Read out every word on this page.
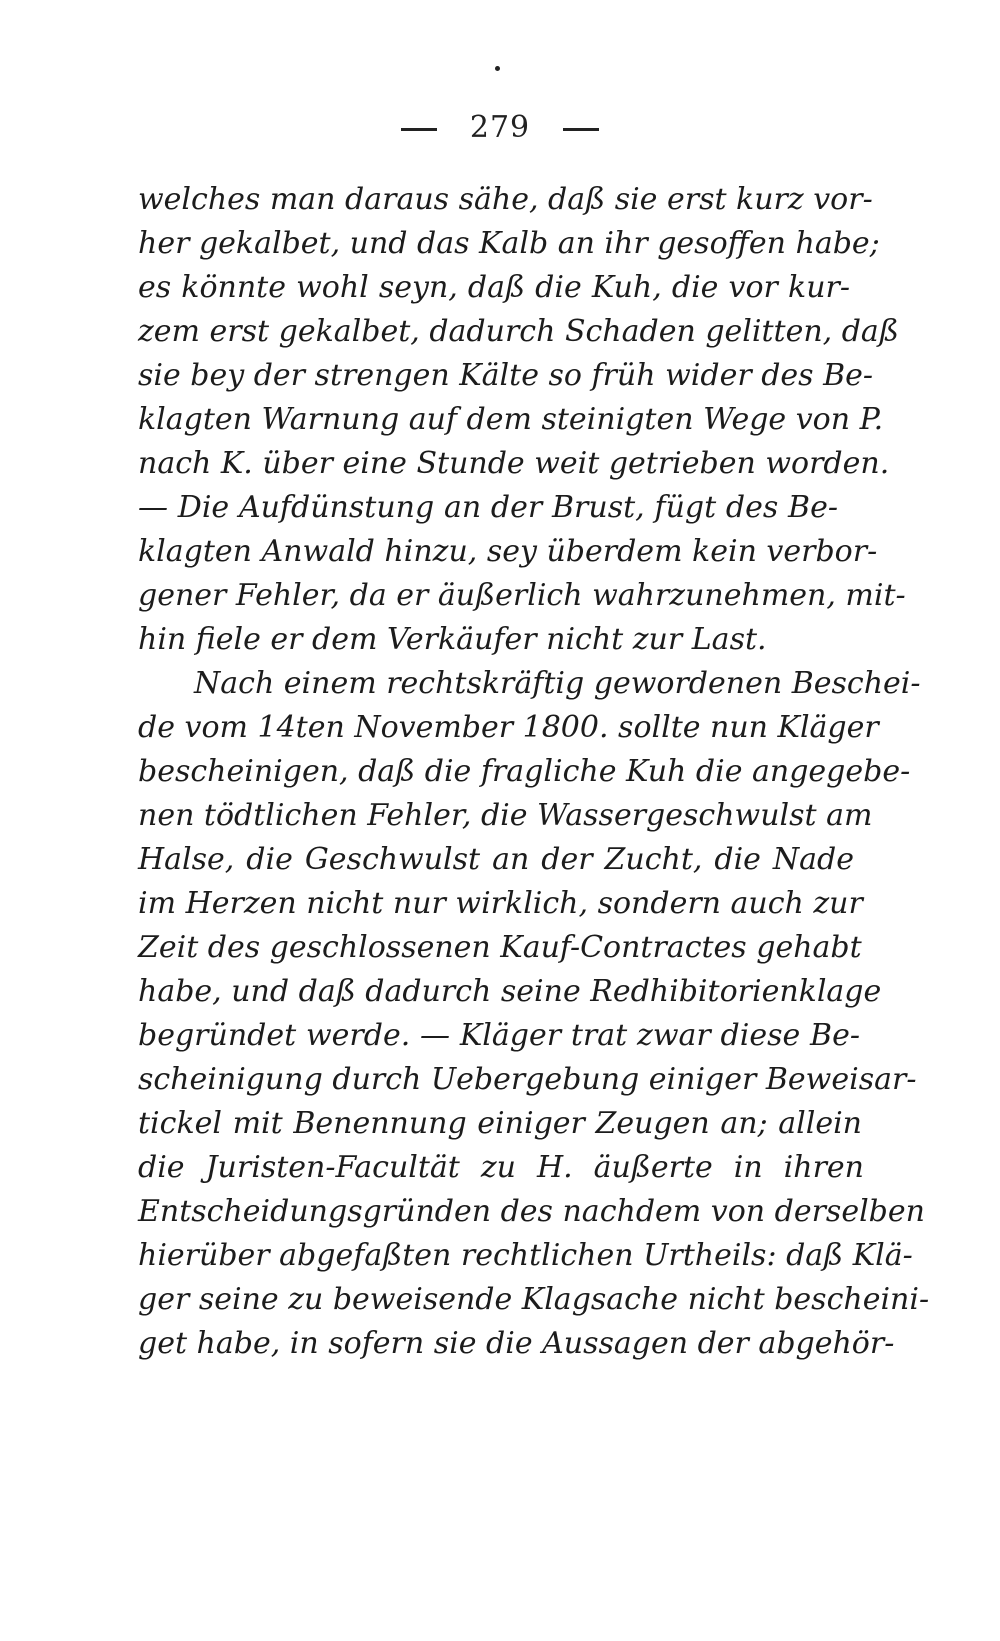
279
welches man daraus sähe, daß sie erst kurz vor-
her gekalbet, und das Kalb an ihr gesoffen habe;
es könnte wohl seyn, daß die Kuh, die vor kur-
zem erst gekalbet, dadurch Schaden gelitten, daß
sie bey der strengen Kälte so früh wider des Be-
klagten Warnung auf dem steinigten Wege von P.
nach K. über eine Stunde weit getrieben worden.
— Die Aufdünstung an der Brust, fügt des Be-
klagten Anwald hinzu, sey überdem kein verbor-
gener Fehler, da er äußerlich wahrzunehmen, mit-
hin fiele er dem Verkäufer nicht zur Last.
Nach einem rechtskräftig gewordenen Beschei-
de vom 14ten November 1800. sollte nun Kläger
bescheinigen, daß die fragliche Kuh die angegebe-
nen tödtlichen Fehler, die Wassergeschwulst am
Halse, die Geschwulst an der Zucht, die Nade
im Herzen nicht nur wirklich, sondern auch zur
Zeit des geschlossenen Kauf-Contractes gehabt
habe, und daß dadurch seine Redhibitorienklage
begründet werde. — Kläger trat zwar diese Be-
scheinigung durch Uebergebung einiger Beweisar-
tickel mit Benennung einiger Zeugen an; allein
die Juristen-Facultät zu H. äußerte in ihren
Entscheidungsgründen des nachdem von derselben
hierüber abgefaßten rechtlichen Urtheils: daß Klä-
ger seine zu beweisende Klagsache nicht bescheini-
get habe, in sofern sie die Aussagen der abgehör-
